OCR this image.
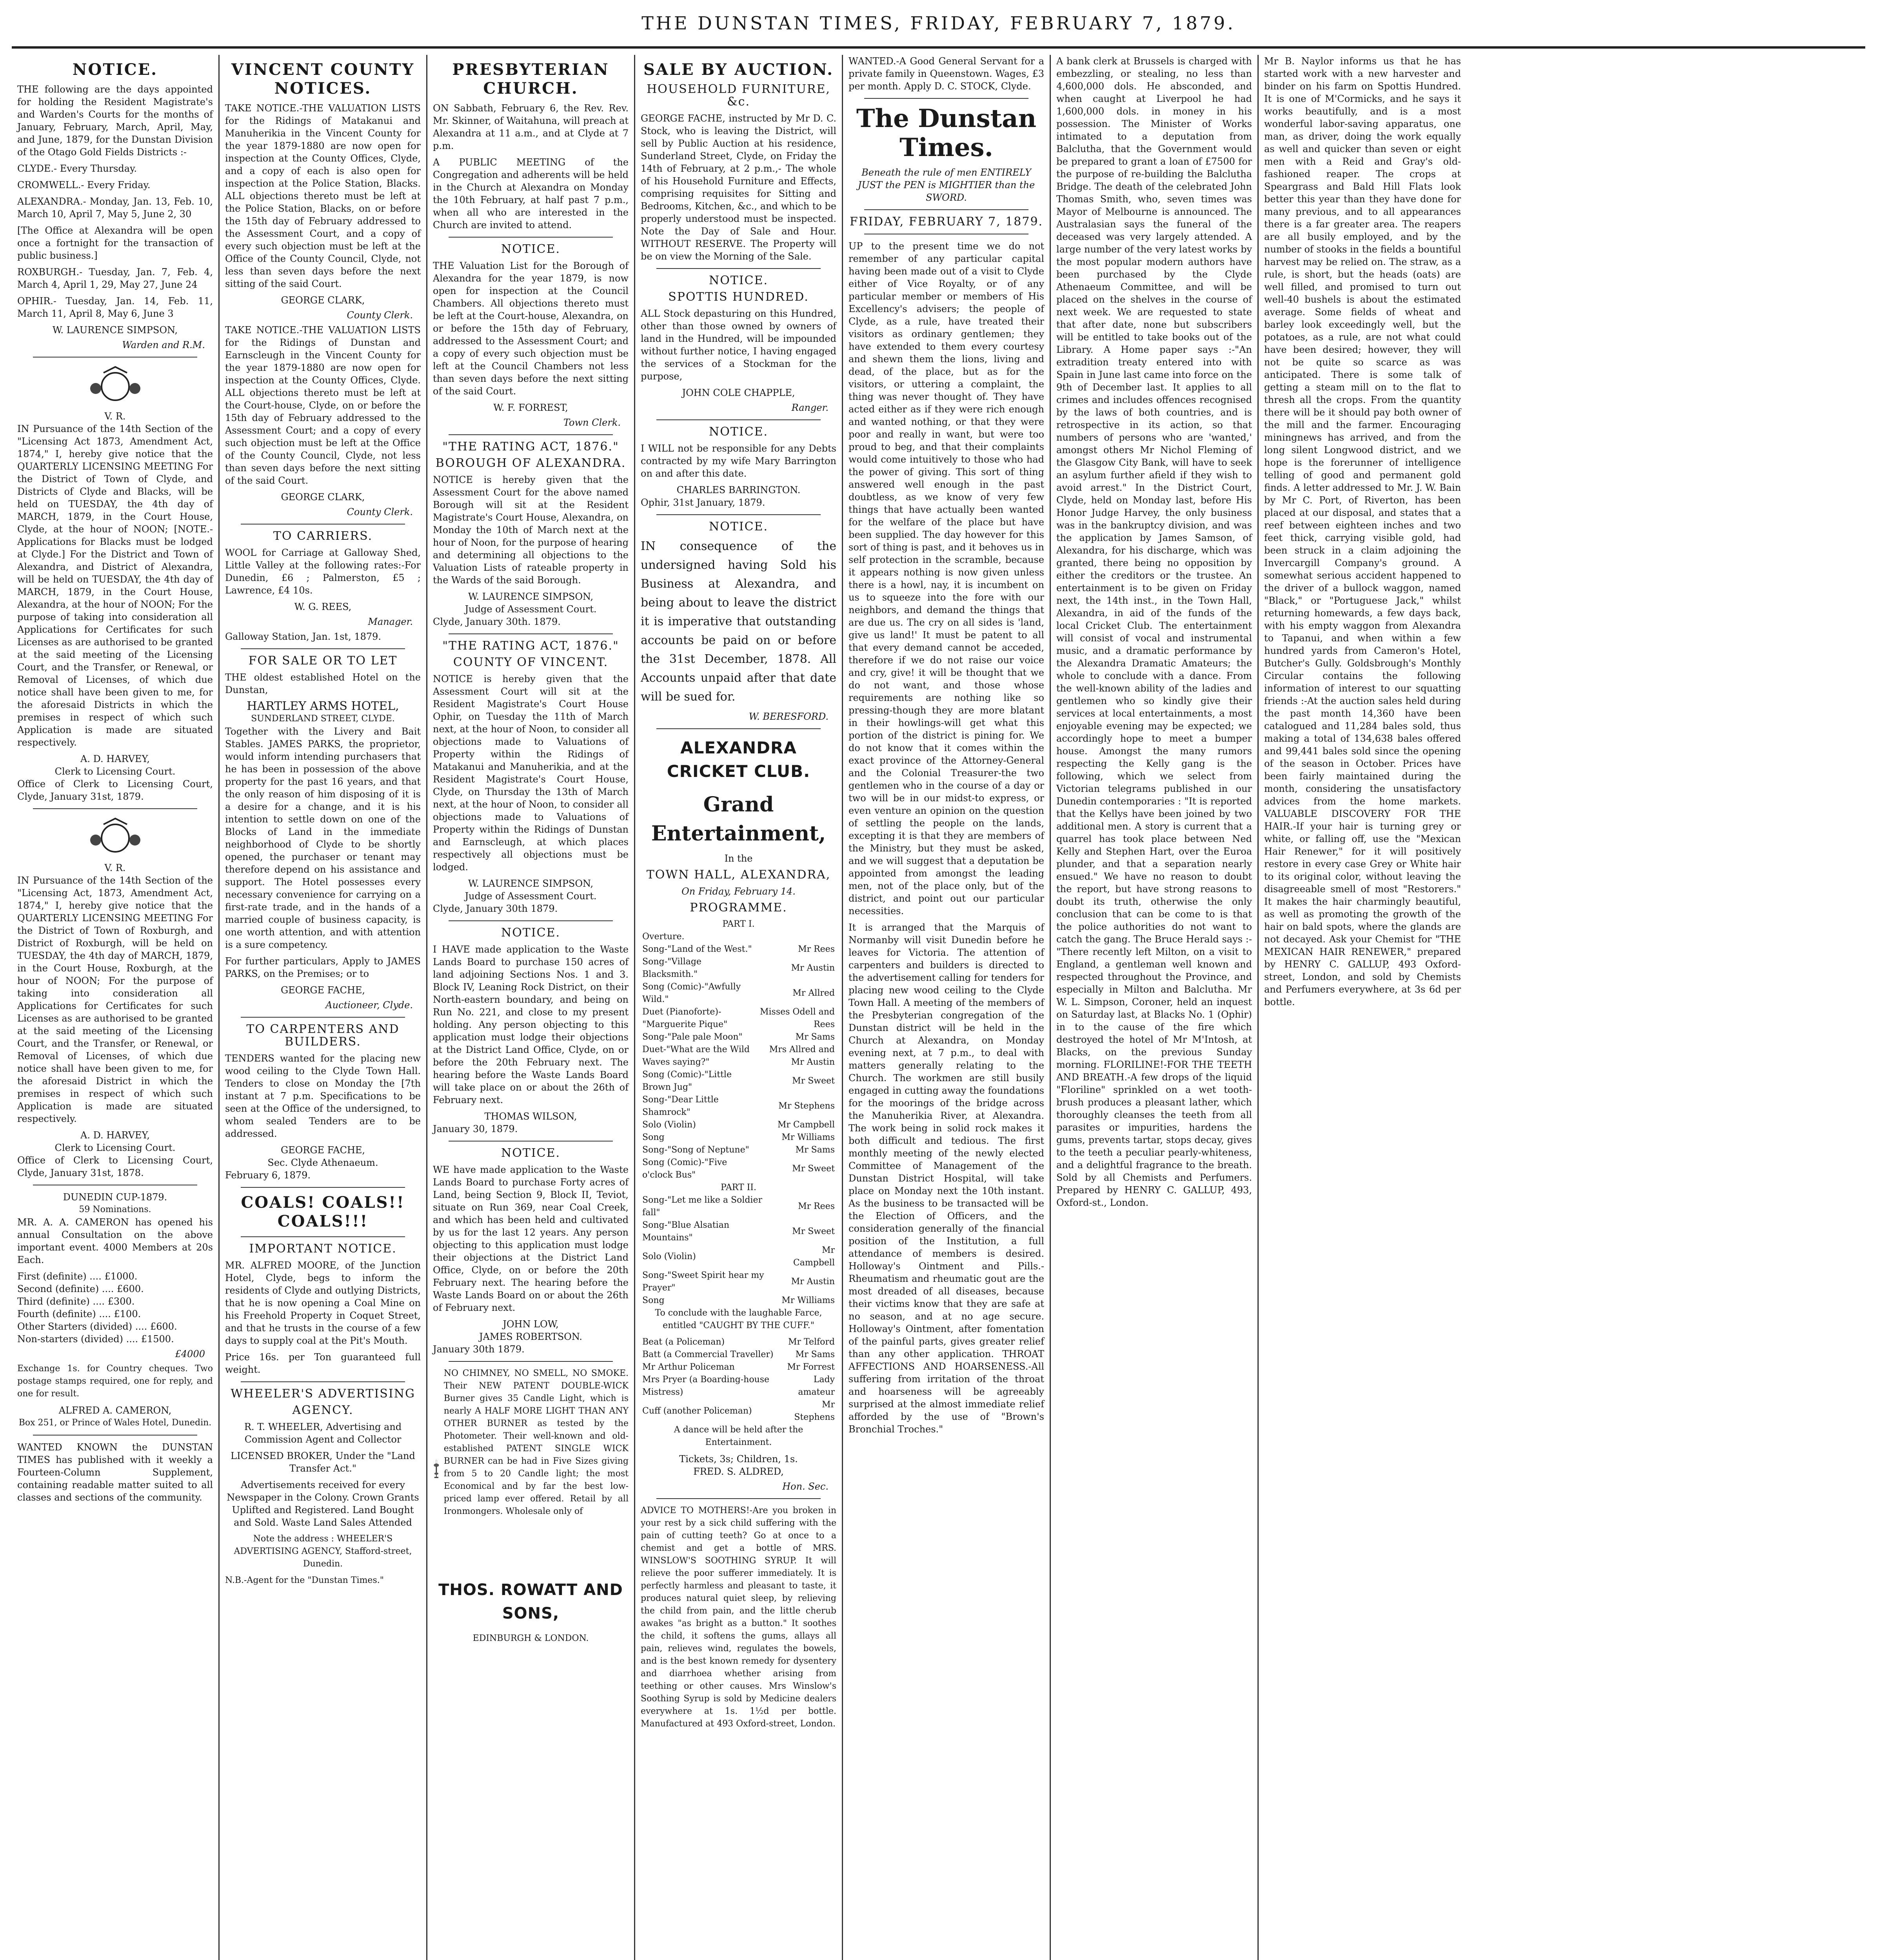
THE DUNSTAN TIMES, FRIDAY, FEBRUARY 7, 1879.
NOTICE.

THE following are the days appointed for holding the Resident Magistrate's and Warden's Courts for the months of January, February, March, April, May, and June, 1879, for the Dunstan Division of the Otago Gold Fields Districts :-

CLYDE.- Every Thursday.

CROMWELL.- Every Friday.

ALEXANDRA.- Monday, Jan. 13, Feb. 10, March 10, April 7, May 5, June 2, 30

[The Office at Alexandra will be open once a fortnight for the transaction of public business.]

ROXBURGH.- Tuesday, Jan. 7, Feb. 4, March 4, April 1, 29, May 27, June 24

OPHIR.- Tuesday, Jan. 14, Feb. 11, March 11, April 8, May 6, June 3

W. LAURENCE SIMPSON,
Warden and R.M.
V. R.

IN Pursuance of the 14th Section of the "Licensing Act 1873, Amendment Act, 1874," I, hereby give notice that the QUARTERLY LICENSING MEETING For the District of Town of Clyde, and Districts of Clyde and Blacks, will be held on TUESDAY, the 4th day of MARCH, 1879, in the Court House, Clyde, at the hour of NOON; [NOTE.-Applications for Blacks must be lodged at Clyde.] For the District and Town of Alexandra, and District of Alexandra, will be held on TUESDAY, the 4th day of MARCH, 1879, in the Court House, Alexandra, at the hour of NOON; For the purpose of taking into consideration all Applications for Certificates for such Licenses as are authorised to be granted at the said meeting of the Licensing Court, and the Transfer, or Renewal, or Removal of Licenses, of which due notice shall have been given to me, for the aforesaid Districts in which the premises in respect of which such Application is made are situated respectively.

A. D. HARVEY,
Clerk to Licensing Court.

Office of Clerk to Licensing Court, Clyde, January 31st, 1879.

V. R.

IN Pursuance of the 14th Section of the "Licensing Act, 1873, Amendment Act, 1874," I, hereby give notice that the QUARTERLY LICENSING MEETING For the District of Town of Roxburgh, and District of Roxburgh, will be held on TUESDAY, the 4th day of MARCH, 1879, in the Court House, Roxburgh, at the hour of NOON; For the purpose of taking into consideration all Applications for Certificates for such Licenses as are authorised to be granted at the said meeting of the Licensing Court, and the Transfer, or Renewal, or Removal of Licenses, of which due notice shall have been given to me, for the aforesaid District in which the premises in respect of which such Application is made are situated respectively.

A. D. HARVEY,
Clerk to Licensing Court.

Office of Clerk to Licensing Court, Clyde, January 31st, 1878.

DUNEDIN CUP-1879.
59 Nominations.

MR. A. A. CAMERON has opened his annual Consultation on the above important event. 4000 Members at 20s Each.

First (definite) .... £1000.
Second (definite) .... £600.
Third (definite) .... £300.
Fourth (definite) .... £100.
Other Starters (divided) .... £600.
Non-starters (divided) .... £1500.
£4000

Exchange 1s. for Country cheques. Two postage stamps required, one for reply, and one for result.

ALFRED A. CAMERON,
Box 251, or Prince of Wales Hotel, Dunedin.

WANTED KNOWN the DUNSTAN TIMES has published with it weekly a Fourteen-Column Supplement, containing readable matter suited to all classes and sections of the community.

VINCENT COUNTY NOTICES.

TAKE NOTICE.-THE VALUATION LISTS for the Ridings of Matakanui and Manuherikia in the Vincent County for the year 1879-1880 are now open for inspection at the County Offices, Clyde, and a copy of each is also open for inspection at the Police Station, Blacks. ALL objections thereto must be left at the Police Station, Blacks, on or before the 15th day of February addressed to the Assessment Court, and a copy of every such objection must be left at the Office of the County Council, Clyde, not less than seven days before the next sitting of the said Court.

GEORGE CLARK,
County Clerk.

TAKE NOTICE.-THE VALUATION LISTS for the Ridings of Dunstan and Earnscleugh in the Vincent County for the year 1879-1880 are now open for inspection at the County Offices, Clyde. ALL objections thereto must be left at the Court-house, Clyde, on or before the 15th day of February addressed to the Assessment Court; and a copy of every such objection must be left at the Office of the County Council, Clyde, not less than seven days before the next sitting of the said Court.

GEORGE CLARK,
County Clerk.
TO CARRIERS.

WOOL for Carriage at Galloway Shed, Little Valley at the following rates:-For Dunedin, £6 ; Palmerston, £5 ; Lawrence, £4 10s.

W. G. REES,
Manager.
Galloway Station, Jan. 1st, 1879.
FOR SALE OR TO LET

THE oldest established Hotel on the Dunstan,

HARTLEY ARMS HOTEL,
SUNDERLAND STREET, CLYDE.

Together with the Livery and Bait Stables. JAMES PARKS, the proprietor, would inform intending purchasers that he has been in possession of the above property for the past 16 years, and that the only reason of him disposing of it is a desire for a change, and it is his intention to settle down on one of the Blocks of Land in the immediate neighborhood of Clyde to be shortly opened, the purchaser or tenant may therefore depend on his assistance and support. The Hotel possesses every necessary convenience for carrying on a first-rate trade, and in the hands of a married couple of business capacity, is one worth attention, and with attention is a sure competency.

For further particulars, Apply to JAMES PARKS, on the Premises; or to

GEORGE FACHE,
Auctioneer, Clyde.
TO CARPENTERS AND BUILDERS.

TENDERS wanted for the placing new wood ceiling to the Clyde Town Hall. Tenders to close on Monday the [7th instant at 7 p.m. Specifications to be seen at the Office of the undersigned, to whom sealed Tenders are to be addressed.

GEORGE FACHE,
Sec. Clyde Athenaeum.
February 6, 1879.
COALS! COALS!! COALS!!!
IMPORTANT NOTICE.

MR. ALFRED MOORE, of the Junction Hotel, Clyde, begs to inform the residents of Clyde and outlying Districts, that he is now opening a Coal Mine on his Freehold Property in Coquet Street, and that he trusts in the course of a few days to supply coal at the Pit's Mouth.

Price 16s. per Ton guaranteed full weight.

WHEELER'S ADVERTISING
AGENCY.

R. T. WHEELER, Advertising and Commission Agent and Collector

LICENSED BROKER, Under the "Land Transfer Act."

Advertisements received for every Newspaper in the Colony. Crown Grants Uplifted and Registered. Land Bought and Sold. Waste Land Sales Attended

Note the address : WHEELER'S ADVERTISING AGENCY, Stafford-street, Dunedin.

N.B.-Agent for the "Dunstan Times."

PRESBYTERIAN CHURCH.

ON Sabbath, February 6, the Rev. Rev. Mr. Skinner, of Waitahuna, will preach at Alexandra at 11 a.m., and at Clyde at 7 p.m.

A PUBLIC MEETING of the Congregation and adherents will be held in the Church at Alexandra on Monday the 10th February, at half past 7 p.m., when all who are interested in the Church are invited to attend.

NOTICE.

THE Valuation List for the Borough of Alexandra for the year 1879, is now open for inspection at the Council Chambers. All objections thereto must be left at the Court-house, Alexandra, on or before the 15th day of February, addressed to the Assessment Court; and a copy of every such objection must be left at the Council Chambers not less than seven days before the next sitting of the said Court.

W. F. FORREST,
Town Clerk.
"THE RATING ACT, 1876."
BOROUGH OF ALEXANDRA.

NOTICE is hereby given that the Assessment Court for the above named Borough will sit at the Resident Magistrate's Court House, Alexandra, on Monday the 10th of March next at the hour of Noon, for the purpose of hearing and determining all objections to the Valuation Lists of rateable property in the Wards of the said Borough.

W. LAURENCE SIMPSON,
Judge of Assessment Court.
Clyde, January 30th. 1879.
"THE RATING ACT, 1876."
COUNTY OF VINCENT.

NOTICE is hereby given that the Assessment Court will sit at the Resident Magistrate's Court House Ophir, on Tuesday the 11th of March next, at the hour of Noon, to consider all objections made to Valuations of Property within the Ridings of Matakanui and Manuherikia, and at the Resident Magistrate's Court House, Clyde, on Thursday the 13th of March next, at the hour of Noon, to consider all objections made to Valuations of Property within the Ridings of Dunstan and Earnscleugh, at which places respectively all objections must be lodged.

W. LAURENCE SIMPSON,
Judge of Assessment Court.
Clyde, January 30th 1879.
NOTICE.

I HAVE made application to the Waste Lands Board to purchase 150 acres of land adjoining Sections Nos. 1 and 3. Block IV, Leaning Rock District, on their North-eastern boundary, and being on Run No. 221, and close to my present holding. Any person objecting to this application must lodge their objections at the District Land Office, Clyde, on or before the 20th February next. The hearing before the Waste Lands Board will take place on or about the 26th of February next.

THOMAS WILSON,
January 30, 1879.
NOTICE.

WE have made application to the Waste Lands Board to purchase Forty acres of Land, being Section 9, Block II, Teviot, situate on Run 369, near Coal Creek, and which has been held and cultivated by us for the last 12 years. Any person objecting to this application must lodge their objections at the District Land Office, Clyde, on or before the 20th February next. The hearing before the Waste Lands Board on or about the 26th of February next.

JOHN LOW,
JAMES ROBERTSON.
January 30th 1879.

NO CHIMNEY, NO SMELL, NO SMOKE. Their NEW PATENT DOUBLE-WICK Burner gives 35 Candle Light, which is nearly A HALF MORE LIGHT THAN ANY OTHER BURNER as tested by the Photometer. Their well-known and old-established PATENT SINGLE WICK BURNER can be had in Five Sizes giving from 5 to 20 Candle light; the most Economical and by far the best low-priced lamp ever offered. Retail by all Ironmongers. Wholesale only of

THOS. ROWATT AND SONS,
EDINBURGH & LONDON.
SALE BY AUCTION.
HOUSEHOLD FURNITURE, &c.

GEORGE FACHE, instructed by Mr D. C. Stock, who is leaving the District, will sell by Public Auction at his residence, Sunderland Street, Clyde, on Friday the 14th of February, at 2 p.m.,- The whole of his Household Furniture and Effects, comprising requisites for Sitting and Bedrooms, Kitchen, &c., and which to be properly understood must be inspected. Note the Day of Sale and Hour. WITHOUT RESERVE. The Property will be on view the Morning of the Sale.

NOTICE.
SPOTTIS HUNDRED.

ALL Stock depasturing on this Hundred, other than those owned by owners of land in the Hundred, will be impounded without further notice, I having engaged the services of a Stockman for the purpose,

JOHN COLE CHAPPLE,
Ranger.
NOTICE.

I WILL not be responsible for any Debts contracted by my wife Mary Barrington on and after this date.

CHARLES BARRINGTON.
Ophir, 31st January, 1879.
NOTICE.

IN consequence of the undersigned having Sold his Business at Alexandra, and being about to leave the district it is imperative that outstanding accounts be paid on or before the 31st December, 1878. All Accounts unpaid after that date will be sued for.

W. BERESFORD.
ALEXANDRA CRICKET CLUB.
Grand Entertainment,
In the
TOWN HALL, ALEXANDRA,
On Friday, February 14.
PROGRAMME.
PART I.
Overture.	
Song-"Land of the West."	Mr Rees
Song-"Village Blacksmith."	Mr Austin
Song (Comic)-"Awfully Wild."	Mr Allred
Duet (Pianoforte)-"Marguerite Pique"	Misses Odell and Rees
Song-"Pale pale Moon"	Mr Sams
Duet-"What are the Wild Waves saying?"	Mrs Allred and Mr Austin
Song (Comic)-"Little Brown Jug"	Mr Sweet
Song-"Dear Little Shamrock"	Mr Stephens
Solo (Violin)	Mr Campbell
Song	Mr Williams
Song-"Song of Neptune"	Mr Sams
Song (Comic)-"Five o'clock Bus"	Mr Sweet
PART II.
Song-"Let me like a Soldier fall"	Mr Rees
Song-"Blue Alsatian Mountains"	Mr Sweet
Solo (Violin)	Mr Campbell
Song-"Sweet Spirit hear my Prayer"	Mr Austin
Song	Mr Williams

To conclude with the laughable Farce, entitled "CAUGHT BY THE CUFF."

Beat (a Policeman)	Mr Telford
Batt (a Commercial Traveller)	Mr Sams
Mr Arthur Policeman	Mr Forrest
Mrs Pryer (a Boarding-house Mistress)	Lady amateur
Cuff (another Policeman)	Mr Stephens

A dance will be held after the Entertainment.

Tickets, 3s; Children, 1s.
FRED. S. ALDRED,
Hon. Sec.

ADVICE TO MOTHERS!-Are you broken in your rest by a sick child suffering with the pain of cutting teeth? Go at once to a chemist and get a bottle of MRS. WINSLOW'S SOOTHING SYRUP. It will relieve the poor sufferer immediately. It is perfectly harmless and pleasant to taste, it produces natural quiet sleep, by relieving the child from pain, and the little cherub awakes "as bright as a button." It soothes the child, it softens the gums, allays all pain, relieves wind, regulates the bowels, and is the best known remedy for dysentery and diarrhoea whether arising from teething or other causes. Mrs Winslow's Soothing Syrup is sold by Medicine dealers everywhere at 1s. 1½d per bottle. Manufactured at 493 Oxford-street, London.

WANTED.-A Good General Servant for a private family in Queenstown. Wages, £3 per month. Apply D. C. STOCK, Clyde.

The Dunstan Times.
Beneath the rule of men ENTIRELY JUST the PEN is MIGHTIER than the SWORD.
FRIDAY, FEBRUARY 7, 1879.

UP to the present time we do not remember of any particular capital having been made out of a visit to Clyde either of Vice Royalty, or of any particular member or members of His Excellency's advisers; the people of Clyde, as a rule, have treated their visitors as ordinary gentlemen; they have extended to them every courtesy and shewn them the lions, living and dead, of the place, but as for the visitors, or uttering a complaint, the thing was never thought of. They have acted either as if they were rich enough and wanted nothing, or that they were poor and really in want, but were too proud to beg, and that their complaints would come intuitively to those who had the power of giving. This sort of thing answered well enough in the past doubtless, as we know of very few things that have actually been wanted for the welfare of the place but have been supplied. The day however for this sort of thing is past, and it behoves us in self protection in the scramble, because it appears nothing is now given unless there is a howl, nay, it is incumbent on us to squeeze into the fore with our neighbors, and demand the things that are due us. The cry on all sides is 'land, give us land!' It must be patent to all that every demand cannot be acceded, therefore if we do not raise our voice and cry, give! it will be thought that we do not want, and those whose requirements are nothing like so pressing-though they are more blatant in their howlings-will get what this portion of the district is pining for. We do not know that it comes within the exact province of the Attorney-General and the Colonial Treasurer-the two gentlemen who in the course of a day or two will be in our midst-to express, or even venture an opinion on the question of settling the people on the lands, excepting it is that they are members of the Ministry, but they must be asked, and we will suggest that a deputation be appointed from amongst the leading men, not of the place only, but of the district, and point out our particular necessities.

It is arranged that the Marquis of Normanby will visit Dunedin before he leaves for Victoria. The attention of carpenters and builders is directed to the advertisement calling for tenders for placing new wood ceiling to the Clyde Town Hall. A meeting of the members of the Presbyterian congregation of the Dunstan district will be held in the Church at Alexandra, on Monday evening next, at 7 p.m., to deal with matters generally relating to the Church. The workmen are still busily engaged in cutting away the foundations for the moorings of the bridge across the Manuherikia River, at Alexandra. The work being in solid rock makes it both difficult and tedious. The first monthly meeting of the newly elected Committee of Management of the Dunstan District Hospital, will take place on Monday next the 10th instant. As the business to be transacted will be the Election of Officers, and the consideration generally of the financial position of the Institution, a full attendance of members is desired. Holloway's Ointment and Pills.-Rheumatism and rheumatic gout are the most dreaded of all diseases, because their victims know that they are safe at no season, and at no age secure. Holloway's Ointment, after fomentation of the painful parts, gives greater relief than any other application. THROAT AFFECTIONS AND HOARSENESS.-All suffering from irritation of the throat and hoarseness will be agreeably surprised at the almost immediate relief afforded by the use of "Brown's Bronchial Troches."

A bank clerk at Brussels is charged with embezzling, or stealing, no less than 4,600,000 dols. He absconded, and when caught at Liverpool he had 1,600,000 dols. in money in his possession. The Minister of Works intimated to a deputation from Balclutha, that the Government would be prepared to grant a loan of £7500 for the purpose of re-building the Balclutha Bridge. The death of the celebrated John Thomas Smith, who, seven times was Mayor of Melbourne is announced. The Australasian says the funeral of the deceased was very largely attended. A large number of the very latest works by the most popular modern authors have been purchased by the Clyde Athenaeum Committee, and will be placed on the shelves in the course of next week. We are requested to state that after date, none but subscribers will be entitled to take books out of the Library. A Home paper says :-"An extradition treaty entered into with Spain in June last came into force on the 9th of December last. It applies to all crimes and includes offences recognised by the laws of both countries, and is retrospective in its action, so that numbers of persons who are 'wanted,' amongst others Mr Nichol Fleming of the Glasgow City Bank, will have to seek an asylum further afield if they wish to avoid arrest." In the District Court, Clyde, held on Monday last, before His Honor Judge Harvey, the only business was in the bankruptcy division, and was the application by James Samson, of Alexandra, for his discharge, which was granted, there being no opposition by either the creditors or the trustee. An entertainment is to be given on Friday next, the 14th inst., in the Town Hall, Alexandra, in aid of the funds of the local Cricket Club. The entertainment will consist of vocal and instrumental music, and a dramatic performance by the Alexandra Dramatic Amateurs; the whole to conclude with a dance. From the well-known ability of the ladies and gentlemen who so kindly give their services at local entertainments, a most enjoyable evening may be expected; we accordingly hope to meet a bumper house. Amongst the many rumors respecting the Kelly gang is the following, which we select from Victorian telegrams published in our Dunedin contemporaries : "It is reported that the Kellys have been joined by two additional men. A story is current that a quarrel has took place between Ned Kelly and Stephen Hart, over the Euroa plunder, and that a separation nearly ensued." We have no reason to doubt the report, but have strong reasons to doubt its truth, otherwise the only conclusion that can be come to is that the police authorities do not want to catch the gang. The Bruce Herald says :-"There recently left Milton, on a visit to England, a gentleman well known and respected throughout the Province, and especially in Milton and Balclutha. Mr W. L. Simpson, Coroner, held an inquest on Saturday last, at Blacks No. 1 (Ophir) in to the cause of the fire which destroyed the hotel of Mr M'Intosh, at Blacks, on the previous Sunday morning. FLORILINE!-FOR THE TEETH AND BREATH.-A few drops of the liquid "Floriline" sprinkled on a wet tooth-brush produces a pleasant lather, which thoroughly cleanses the teeth from all parasites or impurities, hardens the gums, prevents tartar, stops decay, gives to the teeth a peculiar pearly-whiteness, and a delightful fragrance to the breath. Sold by all Chemists and Perfumers. Prepared by HENRY C. GALLUP, 493, Oxford-st., London.

Mr B. Naylor informs us that he has started work with a new harvester and binder on his farm on Spottis Hundred. It is one of M'Cormicks, and he says it works beautifully, and is a most wonderful labor-saving apparatus, one man, as driver, doing the work equally as well and quicker than seven or eight men with a Reid and Gray's old-fashioned reaper. The crops at Speargrass and Bald Hill Flats look better this year than they have done for many previous, and to all appearances there is a far greater area. The reapers are all busily employed, and by the number of stooks in the fields a bountiful harvest may be relied on. The straw, as a rule, is short, but the heads (oats) are well filled, and promised to turn out well-40 bushels is about the estimated average. Some fields of wheat and barley look exceedingly well, but the potatoes, as a rule, are not what could have been desired; however, they will not be quite so scarce as was anticipated. There is some talk of getting a steam mill on to the flat to thresh all the crops. From the quantity there will be it should pay both owner of the mill and the farmer. Encouraging miningnews has arrived, and from the long silent Longwood district, and we hope is the forerunner of intelligence telling of good and permanent gold finds. A letter addressed to Mr. J. W. Bain by Mr C. Port, of Riverton, has been placed at our disposal, and states that a reef between eighteen inches and two feet thick, carrying visible gold, had been struck in a claim adjoining the Invercargill Company's ground. A somewhat serious accident happened to the driver of a bullock waggon, named "Black," or "Portuguese Jack," whilst returning homewards, a few days back, with his empty waggon from Alexandra to Tapanui, and when within a few hundred yards from Cameron's Hotel, Butcher's Gully. Goldsbrough's Monthly Circular contains the following information of interest to our squatting friends :-At the auction sales held during the past month 14,360 have been catalogued and 11,284 bales sold, thus making a total of 134,638 bales offered and 99,441 bales sold since the opening of the season in October. Prices have been fairly maintained during the month, considering the unsatisfactory advices from the home markets. VALUABLE DISCOVERY FOR THE HAIR.-If your hair is turning grey or white, or falling off, use the "Mexican Hair Renewer," for it will positively restore in every case Grey or White hair to its original color, without leaving the disagreeable smell of most "Restorers." It makes the hair charmingly beautiful, as well as promoting the growth of the hair on bald spots, where the glands are not decayed. Ask your Chemist for "THE MEXICAN HAIR RENEWER," prepared by HENRY C. GALLUP, 493 Oxford-street, London, and sold by Chemists and Perfumers everywhere, at 3s 6d per bottle.
